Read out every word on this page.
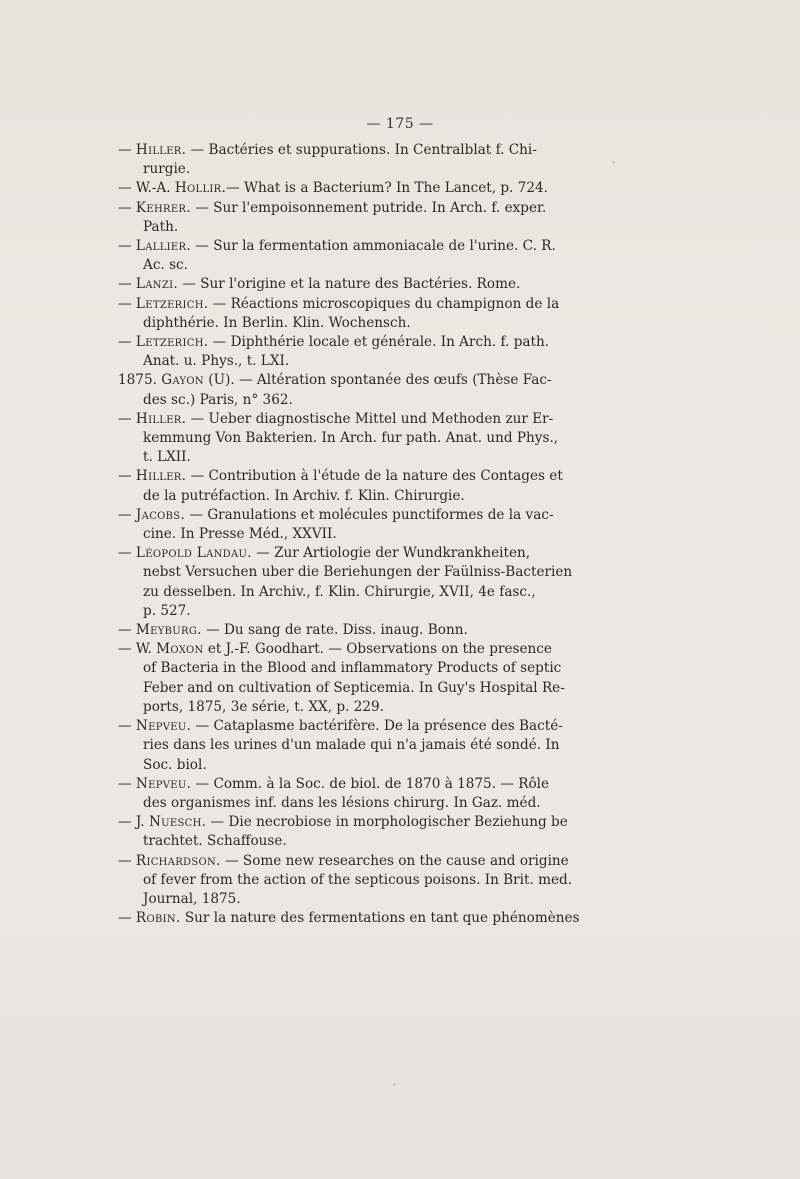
— 175 —
— Hiller. — Bactéries et suppurations. In Centralblat f. Chi-
rurgie.
— W.-A. Hollir.— What is a Bacterium? In The Lancet, p. 724.
— Kehrer. — Sur l'empoisonnement putride. In Arch. f. exper.
Path.
— Lallier. — Sur la fermentation ammoniacale de l'urine. C. R.
Ac. sc.
— Lanzi. — Sur l'origine et la nature des Bactéries. Rome.
— Letzerich. — Réactions microscopiques du champignon de la
diphthérie. In Berlin. Klin. Wochensch.
— Letzerich. — Diphthérie locale et générale. In Arch. f. path.
Anat. u. Phys., t. LXI.
1875. Gayon (U). — Altération spontanée des œufs (Thèse Fac-
des sc.) Paris, n° 362.
— Hiller. — Ueber diagnostische Mittel und Methoden zur Er-
kemmung Von Bakterien. In Arch. fur path. Anat. und Phys.,
t. LXII.
— Hiller. — Contribution à l'étude de la nature des Contages et
de la putréfaction. In Archiv. f. Klin. Chirurgie.
— Jacobs. — Granulations et molécules punctiformes de la vac-
cine. In Presse Méd., XXVII.
— Léopold Landau. — Zur Artiologie der Wundkrankheiten,
nebst Versuchen uber die Beriehungen der Faülniss-Bacterien
zu desselben. In Archiv., f. Klin. Chirurgie, XVII, 4e fasc.,
p. 527.
— Meyburg. — Du sang de rate. Diss. inaug. Bonn.
— W. Moxon et J.-F. Goodhart. — Observations on the presence
of Bacteria in the Blood and inflammatory Products of septic
Feber and on cultivation of Septicemia. In Guy's Hospital Re-
ports, 1875, 3e série, t. XX, p. 229.
— Nepveu. — Cataplasme bactérifère. De la présence des Bacté-
ries dans les urines d'un malade qui n'a jamais été sondé. In
Soc. biol.
— Nepveu. — Comm. à la Soc. de biol. de 1870 à 1875. — Rôle
des organismes inf. dans les lésions chirurg. In Gaz. méd.
— J. Nuesch. — Die necrobiose in morphologischer Beziehung be
trachtet. Schaffouse.
— Richardson. — Some new researches on the cause and origine
of fever from the action of the septicous poisons. In Brit. med.
Journal, 1875.
— Robin. Sur la nature des fermentations en tant que phénomènes
